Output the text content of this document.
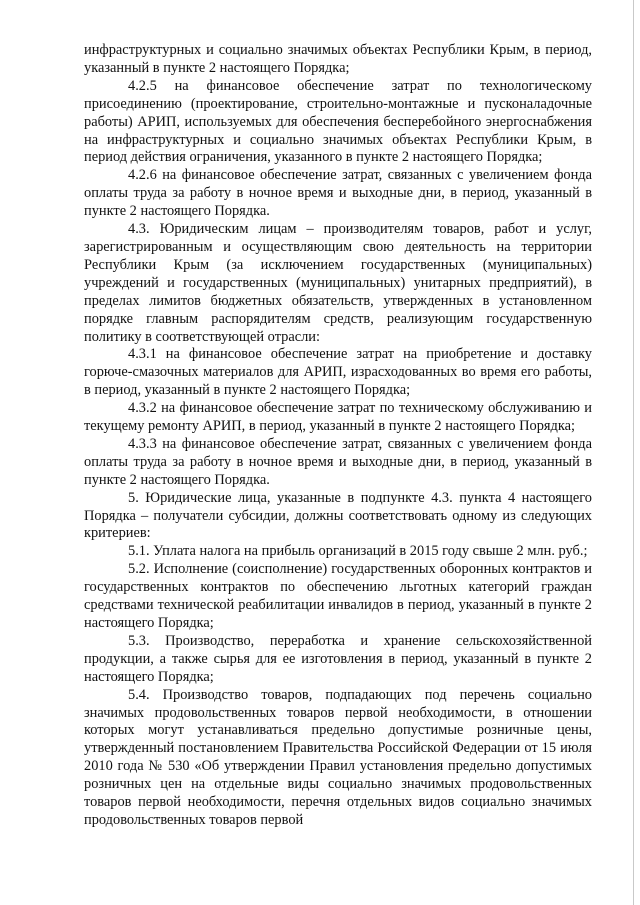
инфраструктурных и социально значимых объектах Республики Крым, в период, указанный в пункте 2 настоящего Порядка;

4.2.5 на финансовое обеспечение затрат по технологическому присоединению (проектирование, строительно-монтажные и пусконаладочные работы) АРИП, используемых для обеспечения бесперебойного энергоснабжения на инфраструктурных и социально значимых объектах Республики Крым, в период действия ограничения, указанного в пункте 2 настоящего Порядка;

4.2.6 на финансовое обеспечение затрат, связанных с увеличением фонда оплаты труда за работу в ночное время и выходные дни, в период, указанный в пункте 2 настоящего Порядка.

4.3. Юридическим лицам – производителям товаров, работ и услуг, зарегистрированным и осуществляющим свою деятельность на территории Республики Крым (за исключением государственных (муниципальных) учреждений и государственных (муниципальных) унитарных предприятий), в пределах лимитов бюджетных обязательств, утвержденных в установленном порядке главным распорядителям средств, реализующим государственную политику в соответствующей отрасли:

4.3.1 на финансовое обеспечение затрат на приобретение и доставку горюче-смазочных материалов для АРИП, израсходованных во время его работы, в период, указанный в пункте 2 настоящего Порядка;

4.3.2 на финансовое обеспечение затрат по техническому обслуживанию и текущему ремонту АРИП, в период, указанный в пункте 2 настоящего Порядка;

4.3.3 на финансовое обеспечение затрат, связанных с увеличением фонда оплаты труда за работу в ночное время и выходные дни, в период, указанный в пункте 2 настоящего Порядка.

5. Юридические лица, указанные в подпункте 4.3. пункта 4 настоящего Порядка – получатели субсидии, должны соответствовать одному из следующих критериев:

5.1. Уплата налога на прибыль организаций в 2015 году свыше 2 млн. руб.;

5.2. Исполнение (соисполнение) государственных оборонных контрактов и государственных контрактов по обеспечению льготных категорий граждан средствами технической реабилитации инвалидов в период, указанный в пункте 2 настоящего Порядка;

5.3. Производство, переработка и хранение сельскохозяйственной продукции, а также сырья для ее изготовления в период, указанный в пункте 2 настоящего Порядка;

5.4. Производство товаров, подпадающих под перечень социально значимых продовольственных товаров первой необходимости, в отношении которых могут устанавливаться предельно допустимые розничные цены, утвержденный постановлением Правительства Российской Федерации от 15 июля 2010 года № 530 «Об утверждении Правил установления предельно допустимых розничных цен на отдельные виды социально значимых продовольственных товаров первой необходимости, перечня отдельных видов социально значимых продовольственных товаров первой
